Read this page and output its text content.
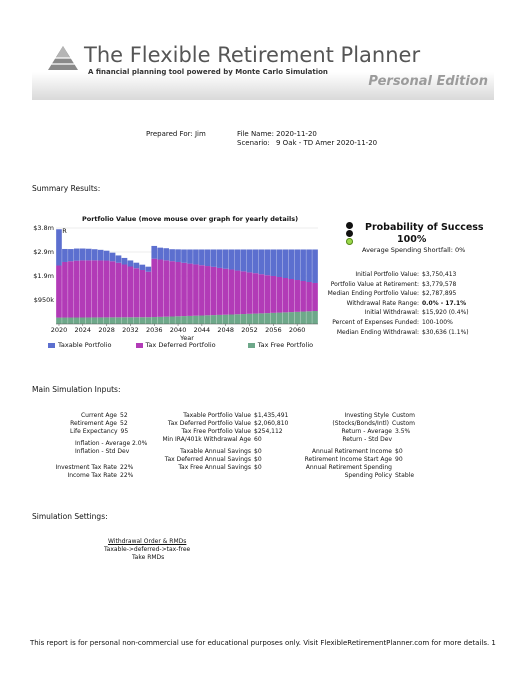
The Flexible Retirement Planner
A financial planning tool powered by Monte Carlo Simulation
Personal Edition
Prepared For: Jim	File Name: 2020-11-20
Scenario: 9 Oak - TD Amer 2020-11-20
Summary Results:
Portfolio Value (move mouse over graph for yearly details)
$950k
$1.9m
$2.9m
$3.8m R
2020 2024 2028 2032 2036 2040 2044 2048 2052 2056 2060
Year
Taxable Portfolio	Tax Deferred Portfolio	Tax Free Portfolio
Probability of Success
100%
Average Spending Shortfall: 0%
Initial Portfolio Value: $3,750,413
Portfolio Value at Retirement: $3,779,578
Median Ending Portfolio Value: $2,787,895
Withdrawal Rate Range: 0.0% - 17.1%
Initial Withdrawal: $15,920 (0.4%)
Percent of Expenses Funded: 100-100%
Median Ending Withdrawal: $30,636 (1.1%)
Main Simulation Inputs:
Current Age 52
Retirement Age 52
Life Expectancy 95
Inflation - Average 2.0%
Inflation - Std Dev
Investment Tax Rate 22%
Income Tax Rate 22%
Taxable Portfolio Value $1,435,491
Tax Deferred Portfolio Value $2,060,810
Tax Free Portfolio Value $254,112
Min IRA/401k Withdrawal Age 60
Taxable Annual Savings $0
Tax Deferred Annual Savings $0
Tax Free Annual Savings $0
Investing Style Custom
(Stocks/Bonds/Intl) Custom
Return - Average 3.5%
Return - Std Dev
Annual Retirement Income $0
Retirement Income Start Age 90
Annual Retirement Spending
Spending Policy Stable
Simulation Settings:
Withdrawal Order & RMDs
Taxable->deferred->tax-free
Take RMDs
This report is for personal non-commercial use for educational purposes only. Visit FlexibleRetirementPlanner.com for more details. 1
